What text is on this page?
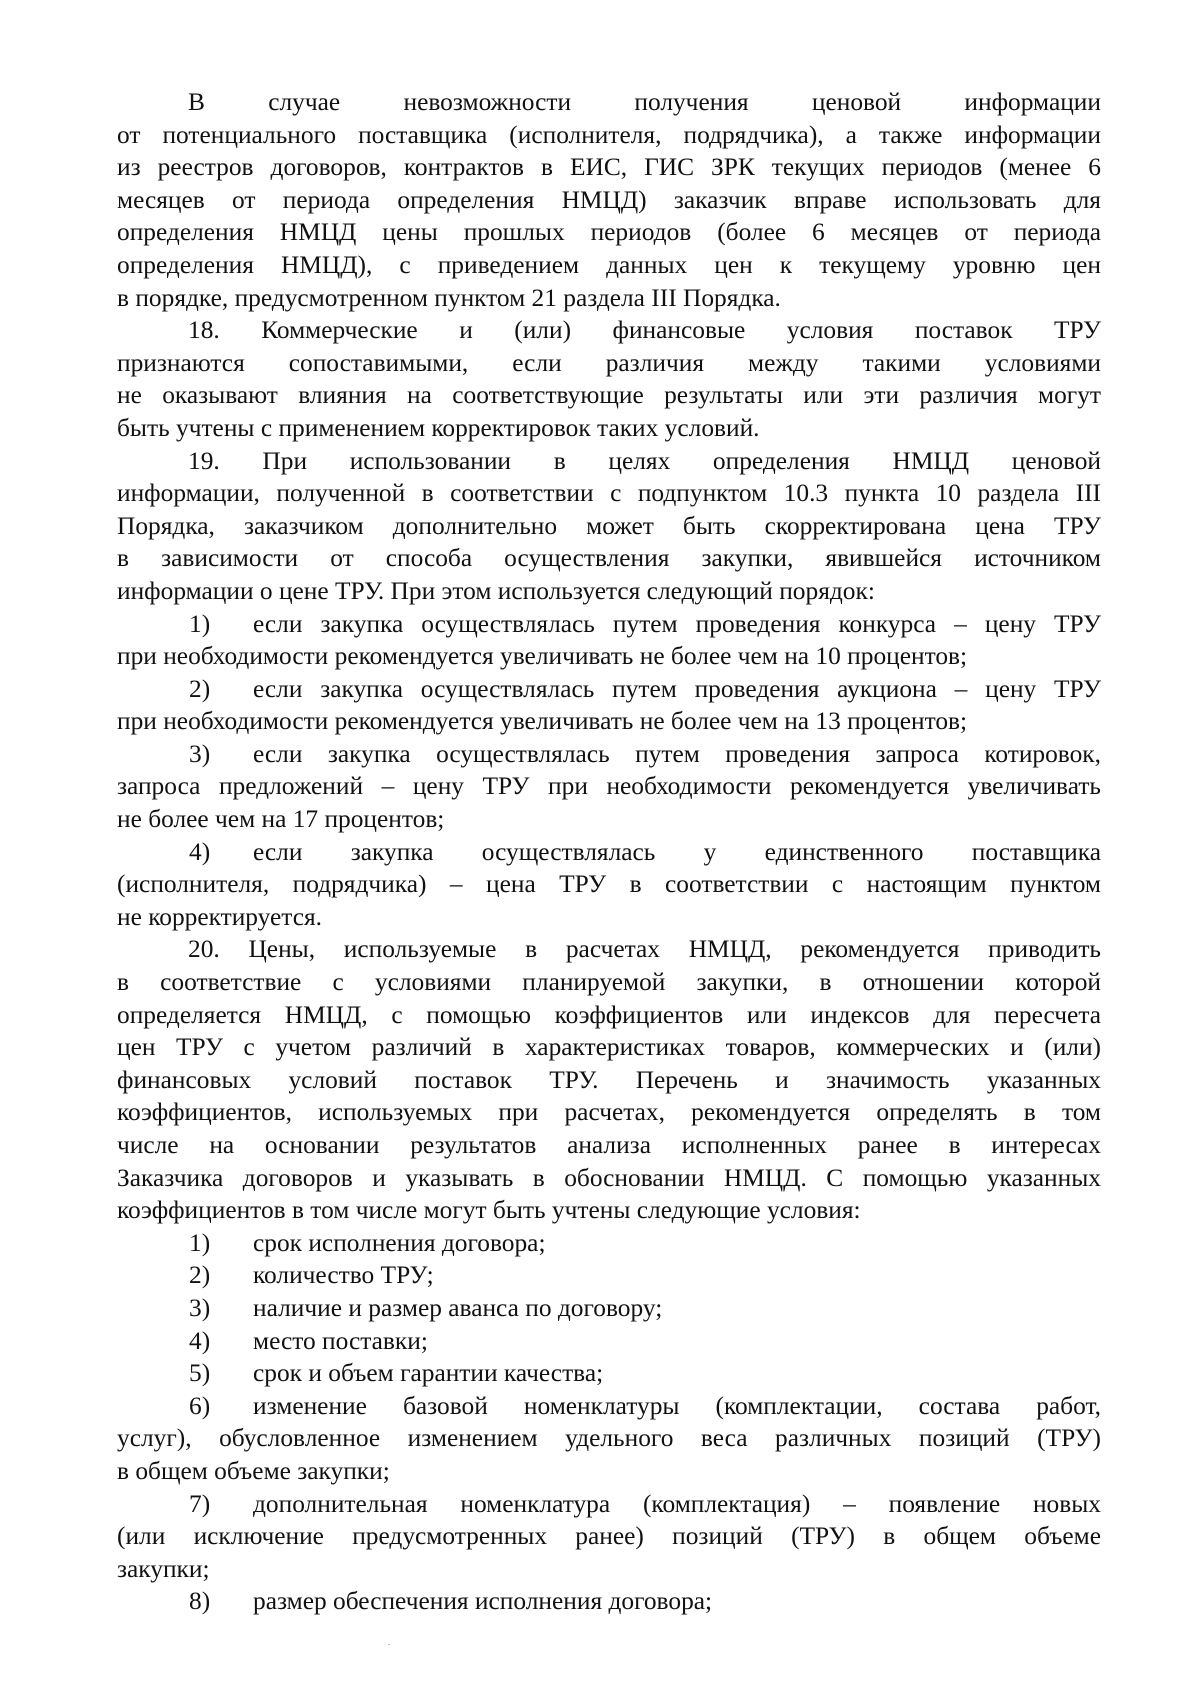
В случае невозможности получения ценовой информации
от потенциального поставщика (исполнителя, подрядчика), а также информации
из реестров договоров, контрактов в ЕИС, ГИС ЗРК текущих периодов (менее 6
месяцев от периода определения НМЦД) заказчик вправе использовать для
определения НМЦД цены прошлых периодов (более 6 месяцев от периода
определения НМЦД), с приведением данных цен к текущему уровню цен
в порядке, предусмотренном пунктом 21 раздела III Порядка.
18. Коммерческие и (или) финансовые условия поставок ТРУ
признаются сопоставимыми, если различия между такими условиями
не оказывают влияния на соответствующие результаты или эти различия могут
быть учтены с применением корректировок таких условий.
19. При использовании в целях определения НМЦД ценовой
информации, полученной в соответствии с подпунктом 10.3 пункта 10 раздела III
Порядка, заказчиком дополнительно может быть скорректирована цена ТРУ
в зависимости от способа осуществления закупки, явившейся источником
информации о цене ТРУ. При этом используется следующий порядок:
1)	если закупка осуществлялась путем проведения конкурса – цену ТРУ
при необходимости рекомендуется увеличивать не более чем на 10 процентов;
2)	если закупка осуществлялась путем проведения аукциона – цену ТРУ
при необходимости рекомендуется увеличивать не более чем на 13 процентов;
3)	если закупка осуществлялась путем проведения запроса котировок,
запроса предложений – цену ТРУ при необходимости рекомендуется увеличивать
не более чем на 17 процентов;
4)	если закупка осуществлялась у единственного поставщика
(исполнителя, подрядчика) – цена ТРУ в соответствии с настоящим пунктом
не корректируется.
20. Цены, используемые в расчетах НМЦД, рекомендуется приводить
в соответствие с условиями планируемой закупки, в отношении которой
определяется НМЦД, с помощью коэффициентов или индексов для пересчета
цен ТРУ с учетом различий в характеристиках товаров, коммерческих и (или)
финансовых условий поставок ТРУ. Перечень и значимость указанных
коэффициентов, используемых при расчетах, рекомендуется определять в том
числе на основании результатов анализа исполненных ранее в интересах
Заказчика договоров и указывать в обосновании НМЦД. С помощью указанных
коэффициентов в том числе могут быть учтены следующие условия:
1)	срок исполнения договора;
2)	количество ТРУ;
3)	наличие и размер аванса по договору;
4)	место поставки;
5)	срок и объем гарантии качества;
6)	изменение базовой номенклатуры (комплектации, состава работ,
услуг), обусловленное изменением удельного веса различных позиций (ТРУ)
в общем объеме закупки;
7)	дополнительная номенклатура (комплектация) – появление новых
(или исключение предусмотренных ранее) позиций (ТРУ) в общем объеме
закупки;
8)	размер обеспечения исполнения договора;
